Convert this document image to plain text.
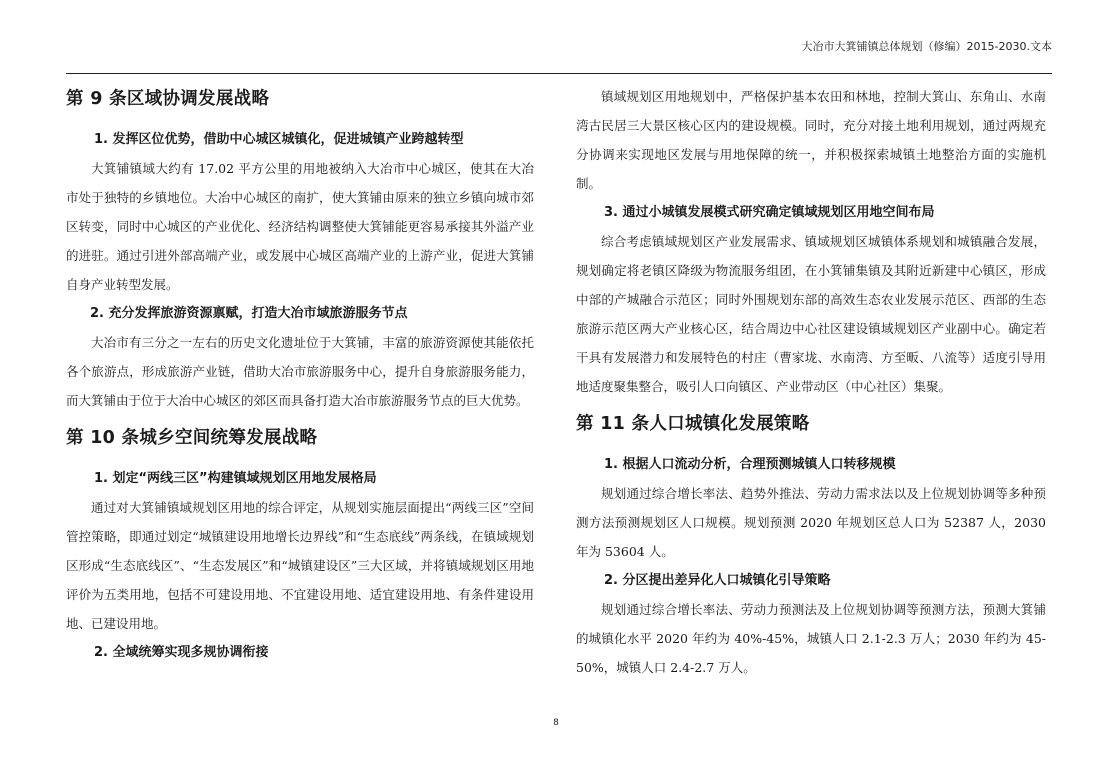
大冶市大箕铺镇总体规划（修编）2015-2030.文本
第 9 条区域协调发展战略

1. 发挥区位优势，借助中心城区城镇化，促进城镇产业跨越转型

大箕铺镇域大约有 17.02 平方公里的用地被纳入大冶市中心城区，使其在大冶市处于独特的乡镇地位。大冶中心城区的南扩，使大箕铺由原来的独立乡镇向城市郊区转变，同时中心城区的产业优化、经济结构调整使大箕铺能更容易承接其外溢产业的进驻。通过引进外部高端产业，或发展中心城区高端产业的上游产业，促进大箕铺自身产业转型发展。

2. 充分发挥旅游资源禀赋，打造大冶市域旅游服务节点

大冶市有三分之一左右的历史文化遗址位于大箕铺，丰富的旅游资源使其能依托各个旅游点，形成旅游产业链，借助大冶市旅游服务中心，提升自身旅游服务能力，而大箕铺由于位于大冶中心城区的郊区而具备打造大冶市旅游服务节点的巨大优势。

第 10 条城乡空间统筹发展战略

1. 划定“两线三区”构建镇域规划区用地发展格局

通过对大箕铺镇域规划区用地的综合评定，从规划实施层面提出“两线三区”空间管控策略，即通过划定“城镇建设用地增长边界线”和“生态底线”两条线，在镇域规划区形成“生态底线区”、“生态发展区”和“城镇建设区”三大区域，并将镇域规划区用地评价为五类用地，包括不可建设用地、不宜建设用地、适宜建设用地、有条件建设用地、已建设用地。

2. 全域统筹实现多规协调衔接

镇域规划区用地规划中，严格保护基本农田和林地，控制大箕山、东角山、水南湾古民居三大景区核心区内的建设规模。同时，充分对接土地利用规划，通过两规充分协调来实现地区发展与用地保障的统一，并积极探索城镇土地整治方面的实施机制。

3. 通过小城镇发展模式研究确定镇域规划区用地空间布局

综合考虑镇域规划区产业发展需求、镇域规划区城镇体系规划和城镇融合发展，规划确定将老镇区降级为物流服务组团，在小箕铺集镇及其附近新建中心镇区，形成中部的产城融合示范区；同时外围规划东部的高效生态农业发展示范区、西部的生态旅游示范区两大产业核心区，结合周边中心社区建设镇域规划区产业副中心。确定若干具有发展潜力和发展特色的村庄（曹家垅、水南湾、方至畈、八流等）适度引导用地适度聚集整合，吸引人口向镇区、产业带动区（中心社区）集聚。

第 11 条人口城镇化发展策略

1. 根据人口流动分析，合理预测城镇人口转移规模

规划通过综合增长率法、趋势外推法、劳动力需求法以及上位规划协调等多种预测方法预测规划区人口规模。规划预测 2020 年规划区总人口为 52387 人，2030 年为 53604 人。

2. 分区提出差异化人口城镇化引导策略

规划通过综合增长率法、劳动力预测法及上位规划协调等预测方法，预测大箕铺的城镇化水平 2020 年约为 40%-45%，城镇人口 2.1-2.3 万人；2030 年约为 45-50%，城镇人口 2.4-2.7 万人。

8
